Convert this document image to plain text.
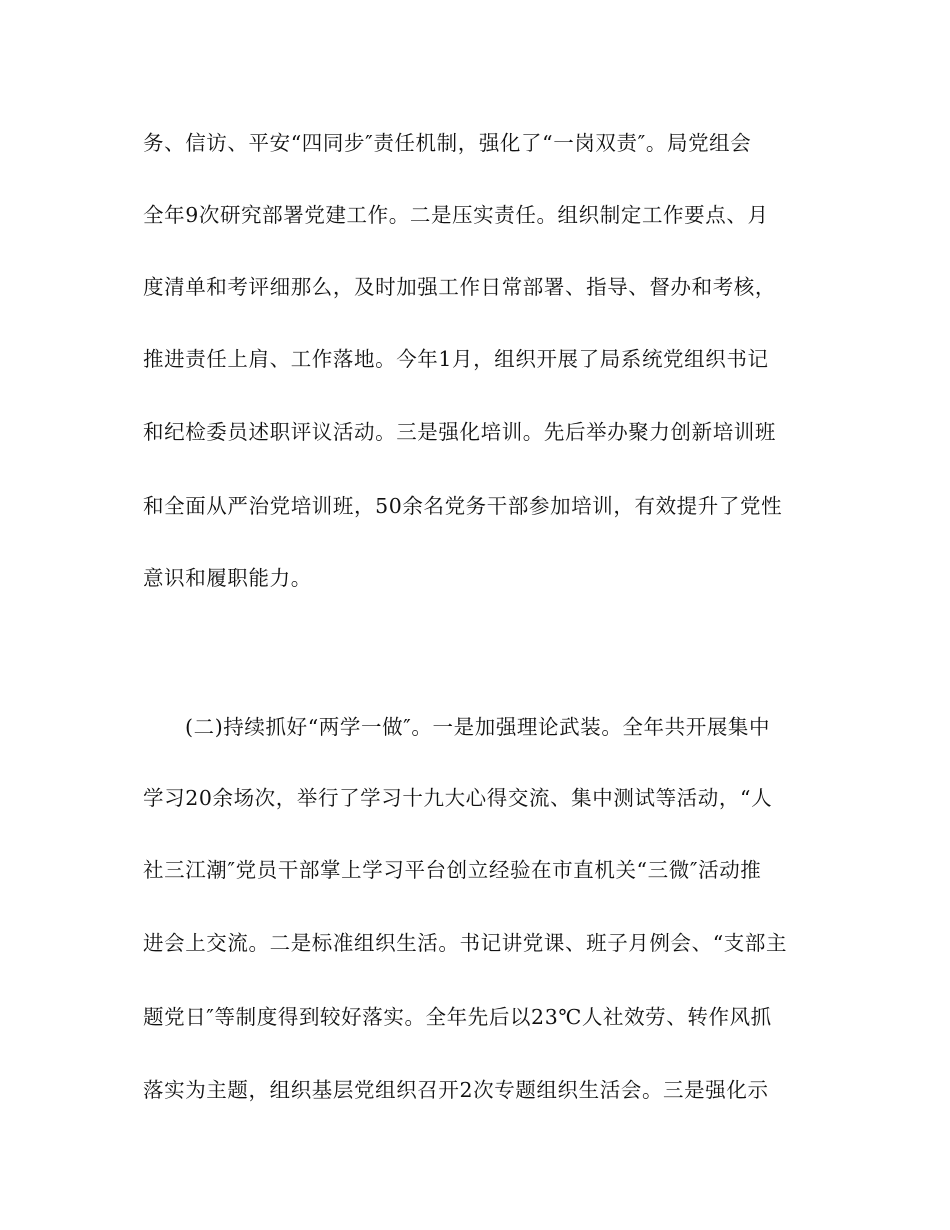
务、信访、平安“四同步″责任机制，强化了“一岗双责″。局党组会

全年9次研究部署党建工作。二是压实责任。组织制定工作要点、月

度清单和考评细那么，及时加强工作日常部署、指导、督办和考核，

推进责任上肩、工作落地。今年1月，组织开展了局系统党组织书记

和纪检委员述职评议活动。三是强化培训。先后举办聚力创新培训班

和全面从严治党培训班，50余名党务干部参加培训，有效提升了党性

意识和履职能力。

(二)持续抓好“两学一做″。一是加强理论武装。全年共开展集中

学习20余场次，举行了学习十九大心得交流、集中测试等活动，“人

社三江潮″党员干部掌上学习平台创立经验在市直机关“三微″活动推

进会上交流。二是标准组织生活。书记讲党课、班子月例会、“支部主

题党日″等制度得到较好落实。全年先后以23℃人社效劳、转作风抓

落实为主题，组织基层党组织召开2次专题组织生活会。三是强化示
